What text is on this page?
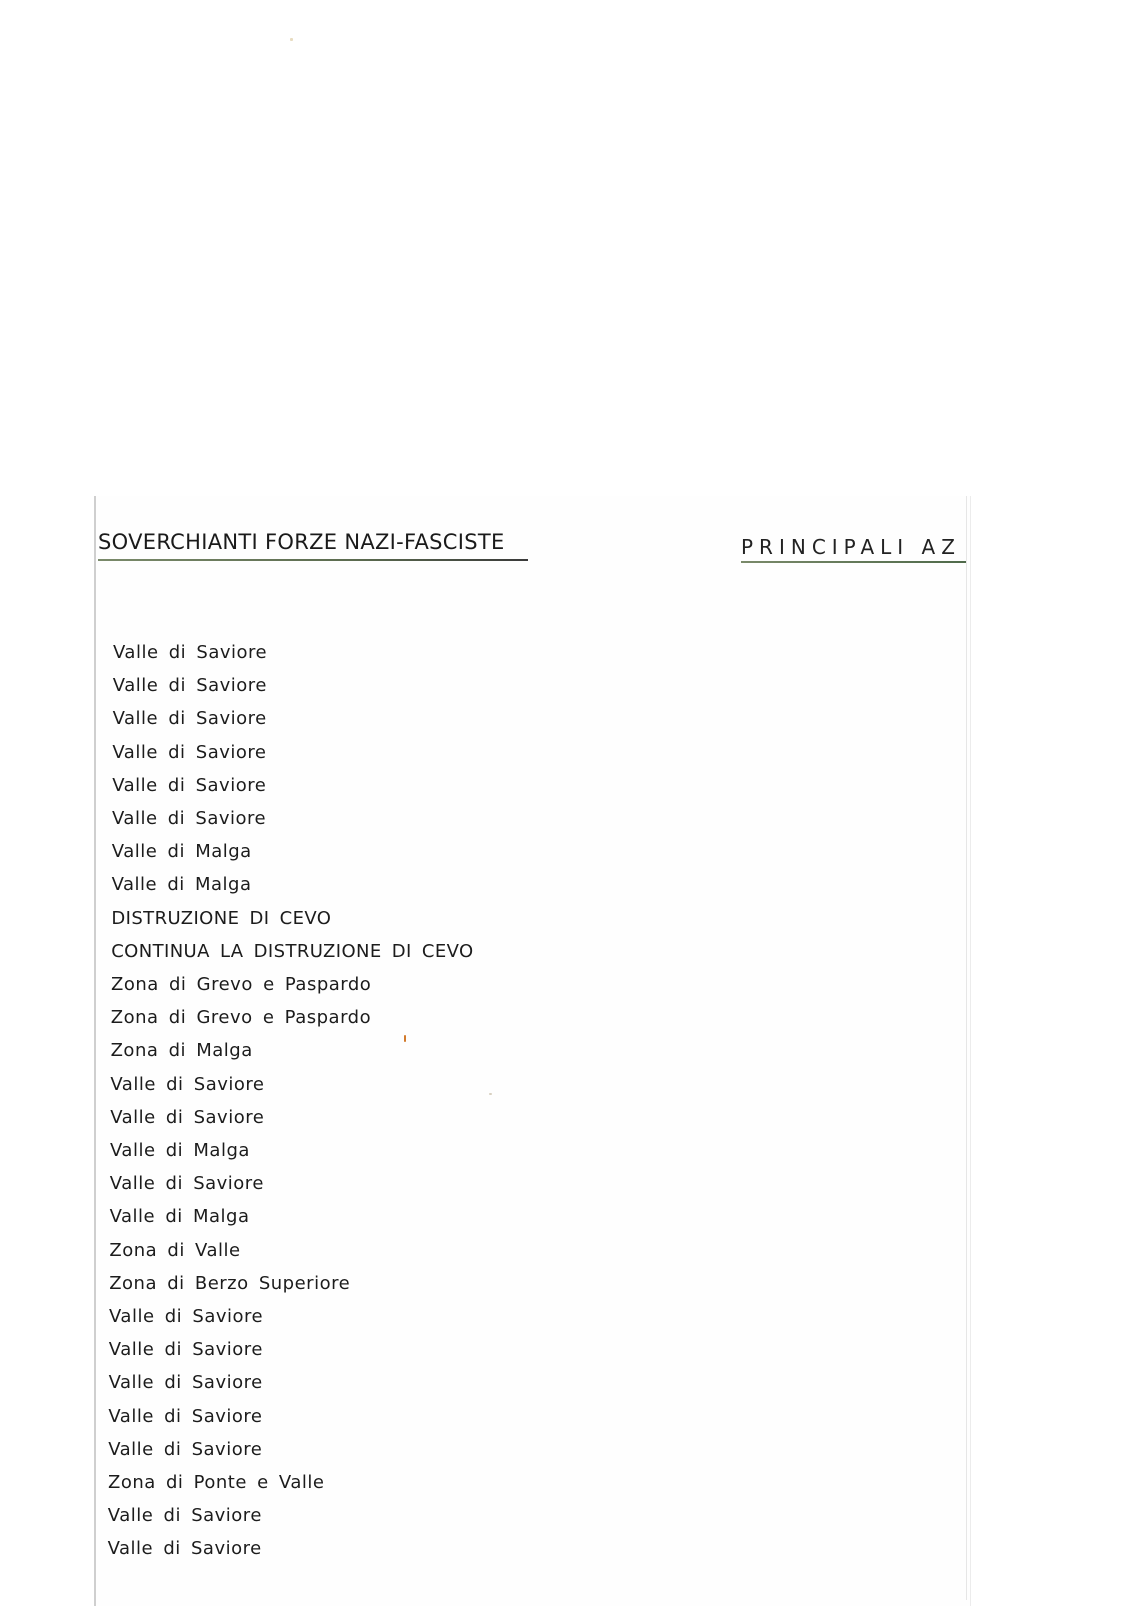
SOVERCHIANTI FORZE NAZI-FASCISTE	PRINCIPALI AZ
Valle di Saviore
Valle di Saviore
Valle di Saviore
Valle di Saviore
Valle di Saviore
Valle di Saviore
Valle di Malga
Valle di Malga
DISTRUZIONE DI CEVO
CONTINUA LA DISTRUZIONE DI CEVO
Zona di Grevo e Paspardo
Zona di Grevo e Paspardo
Zona di Malga
Valle di Saviore
Valle di Saviore
Valle di Malga
Valle di Saviore
Valle di Malga
Zona di Valle
Zona di Berzo Superiore
Valle di Saviore
Valle di Saviore
Valle di Saviore
Valle di Saviore
Valle di Saviore
Zona di Ponte e Valle
Valle di Saviore
Valle di Saviore
